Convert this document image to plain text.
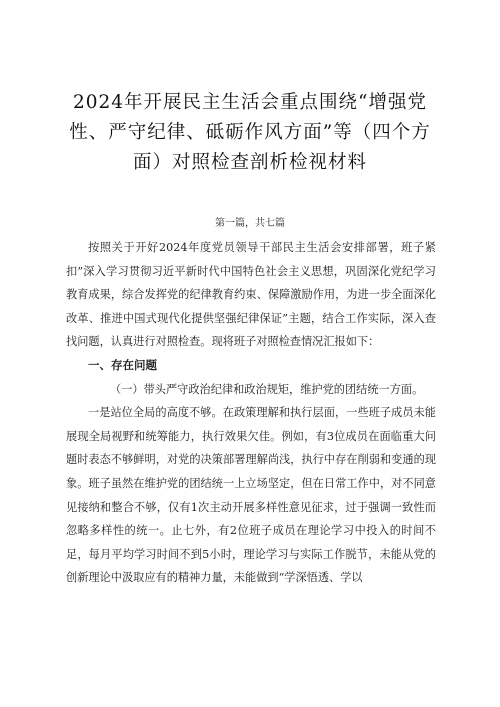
2024年开展民主生活会重点围绕“增强党
性、严守纪律、砥砺作风方面”等（四个方
面）对照检查剖析检视材料
第一篇，共七篇

按照关于开好2024年度党员领导干部民主生活会安排部署，班子紧扣”深入学习贯彻习近平新时代中国特色社会主义思想，巩固深化党纪学习教育成果，综合发挥党的纪律教育约束、保障激励作用，为进一步全面深化改革、推进中国式现代化提供坚强纪律保证”主题，结合工作实际，深入查找问题，认真进行对照检查。现将班子对照检查情况汇报如下：

一、存在问题

（一）带头严守政治纪律和政治规矩，维护党的团结统一方面。

一是站位全局的高度不够。在政策理解和执行层面，一些班子成员未能展现全局视野和统筹能力，执行效果欠佳。例如，有3位成员在面临重大问题时表态不够鲜明，对党的决策部署理解尚浅，执行中存在削弱和变通的现象。班子虽然在维护党的团结统一上立场坚定，但在日常工作中，对不同意见接纳和整合不够，仅有1次主动开展多样性意见征求，过于强调一致性而忽略多样性的统一。止七外，有2位班子成员在理论学习中投入的时间不足，每月平均学习时间不到5小时，理论学习与实际工作脱节，未能从党的创新理论中汲取应有的精神力量，未能做到“学深悟透、学以
